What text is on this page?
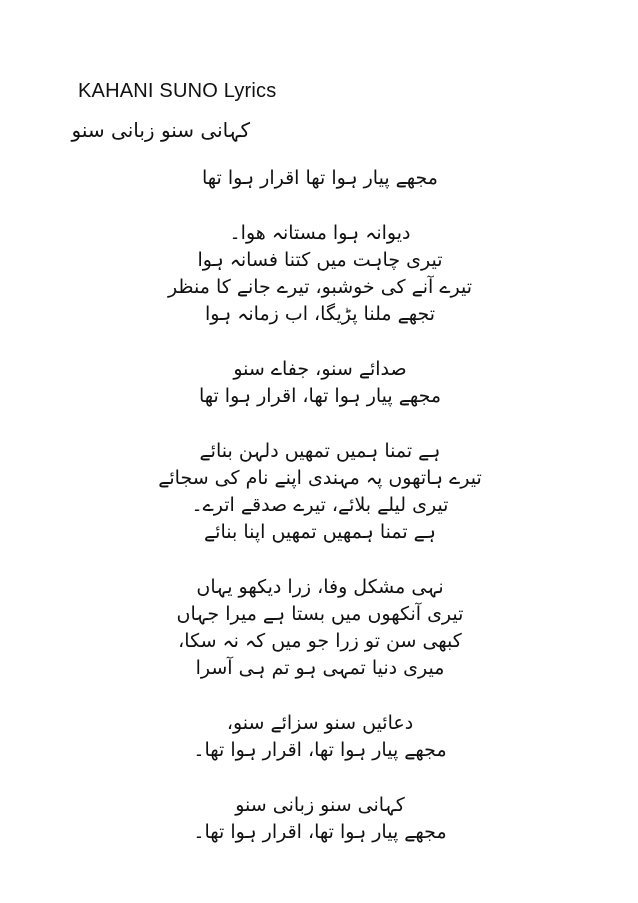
KAHANI SUNO Lyrics
کہانی سنو زبانی سنو
مجھے پیار ہوا تھا اقرار ہوا تھا
دیوانہ ہوا مستانہ ھوا۔
تیری چاہت میں کتنا فسانہ ہوا
تیرے آنے کی خوشبو، تیرے جانے کا منظر
تجھے ملنا پڑیگا، اب زمانہ ہوا
صدائے سنو، جفاے سنو
مجھے پیار ہوا تھا، اقرار ہوا تھا
ہے تمنا ہمیں تمھیں دلہن بنائے
تیرے ہاتھوں پہ مہندی اپنے نام کی سجائے
تیری لیلے بلائے، تیرے صدقے اترے۔
ہے تمنا ہمھیں تمھیں اپنا بنائے
نہی مشکل وفا، زرا دیکھو یہاں
تیری آنکھوں میں بستا ہے میرا جہاں
کبھی سن تو زرا جو میں کہ نہ سکا،
میری دنیا تمہی ہو تم ہی آسرا
دعائیں سنو سزائے سنو،
مجھے پیار ہوا تھا، اقرار ہوا تھا۔
کہانی سنو زبانی سنو
مجھے پیار ہوا تھا، اقرار ہوا تھا۔
